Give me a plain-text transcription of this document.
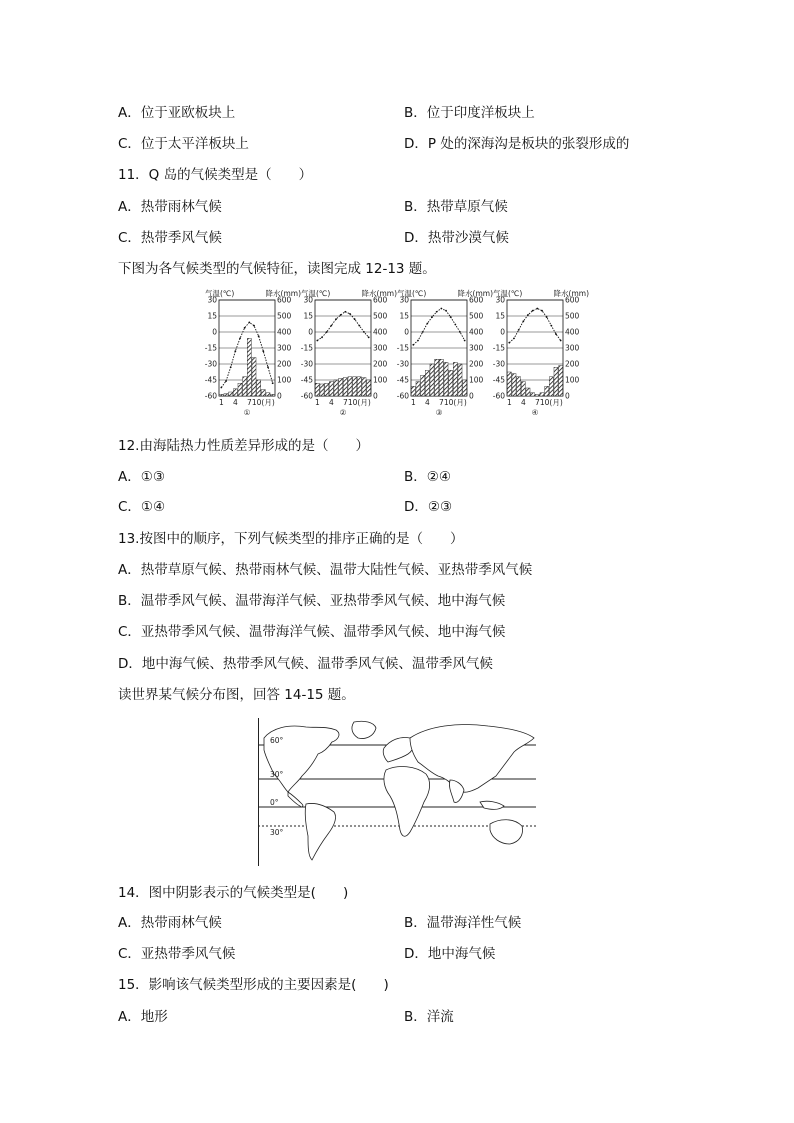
A．位于亚欧板块上	B．位于印度洋板块上
C．位于太平洋板块上	D．P 处的深海沟是板块的张裂形成的
11．Q 岛的气候类型是（　　）
A．热带雨林气候	B．热带草原气候
C．热带季风气候	D．热带沙漠气候
下图为各气候类型的气候特征，读图完成 12-13 题。
气温(℃)	降水(mm)
30	600
15	500
0	400
-15	300
-30	200
-45	100
-60	0
1 4 7 10(月)
①
气温(℃)	降水(mm)
30	600
15	500
0	400
-15	300
-30	200
-45	100
-60	0
1 4 7 10(月)
②
气温(℃)	降水(mm)
30	600
15	500
0	400
-15	300
-30	200
-45	100
-60	0
1 4 7 10(月)
③
气温(℃)	降水(mm)
30	600
15	500
0	400
-15	300
-30	200
-45	100
-60	0
1 4 7 10(月)
④
12.由海陆热力性质差异形成的是（　　）
A．①③	B．②④
C．①④	D．②③
13.按图中的顺序，下列气候类型的排序正确的是（　　）
A．热带草原气候、热带雨林气候、温带大陆性气候、亚热带季风气候
B．温带季风气候、温带海洋气候、亚热带季风气候、地中海气候
C．亚热带季风气候、温带海洋气候、温带季风气候、地中海气候
D．地中海气候、热带季风气候、温带季风气候、温带季风气候
读世界某气候分布图，回答 14-15 题。
60°
30°
0°
30°
14．图中阴影表示的气候类型是(　　)
A．热带雨林气候	B．温带海洋性气候
C．亚热带季风气候	D．地中海气候
15．影响该气候类型形成的主要因素是(　　)
A．地形	B．洋流
